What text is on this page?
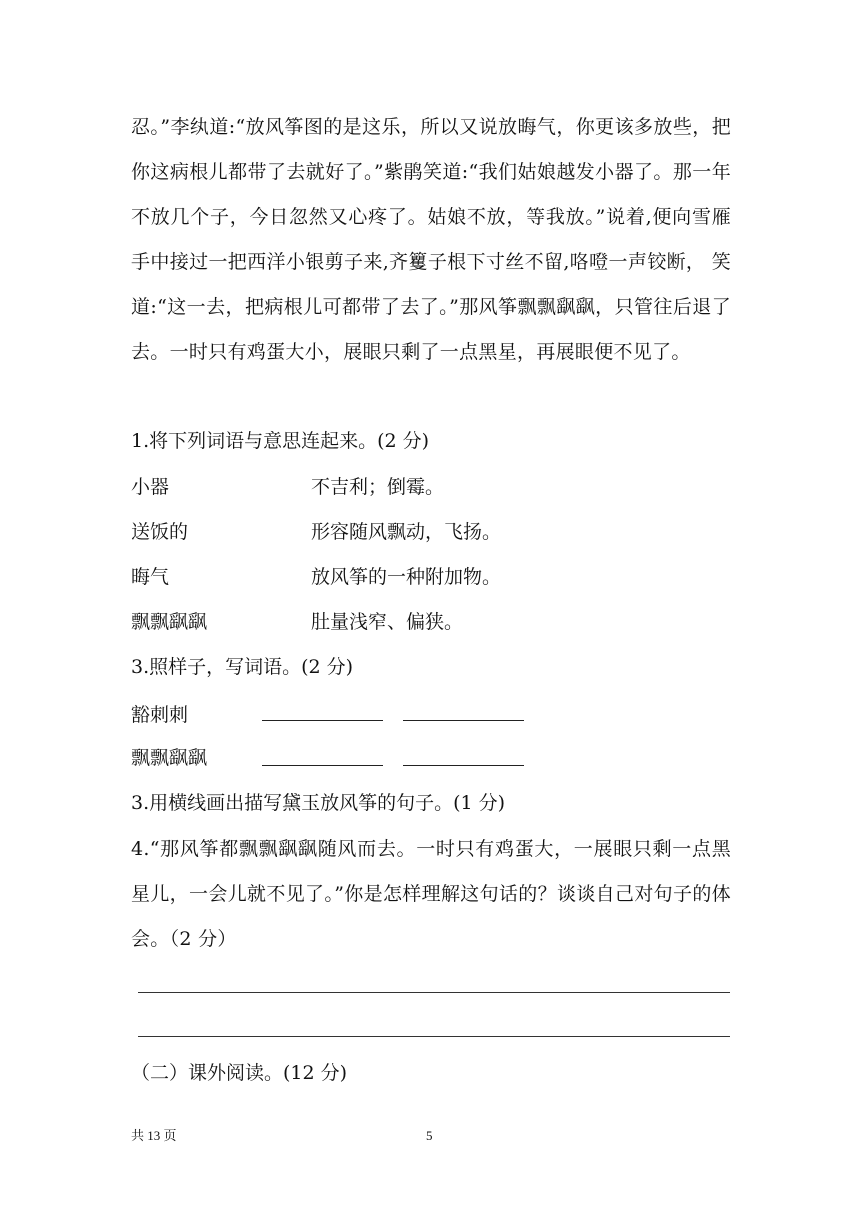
忍。”李纨道:“放风筝图的是这乐，所以又说放晦气，你更该多放些，把你这病根儿都带了去就好了。”紫鹃笑道:“我们姑娘越发小器了。那一年不放几个子，今日忽然又心疼了。姑娘不放，等我放。”说着,便向雪雁手中接过一把西洋小银剪子来,齐籰子根下寸丝不留,咯噔一声铰断， 笑道:“这一去，把病根儿可都带了去了。”那风筝飘飘飖飖，只管往后退了去。一时只有鸡蛋大小，展眼只剩了一点黑星，再展眼便不见了。
1.将下列词语与意思连起来。(2 分)
小器	不吉利；倒霉。
送饭的	形容随风飘动，飞扬。
晦气	放风筝的一种附加物。
飘飘飖飖	肚量浅窄、偏狭。
3.照样子，写词语。(2 分)
豁刺刺
飘飘飖飖
3.用横线画出描写黛玉放风筝的句子。(1 分)
4.“那风筝都飘飘飖飖随风而去。一时只有鸡蛋大，一展眼只剩一点黑星儿，一会儿就不见了。”你是怎样理解这句话的？谈谈自己对句子的体会。（2 分）
（二）课外阅读。(12 分)
共 13 页	5
